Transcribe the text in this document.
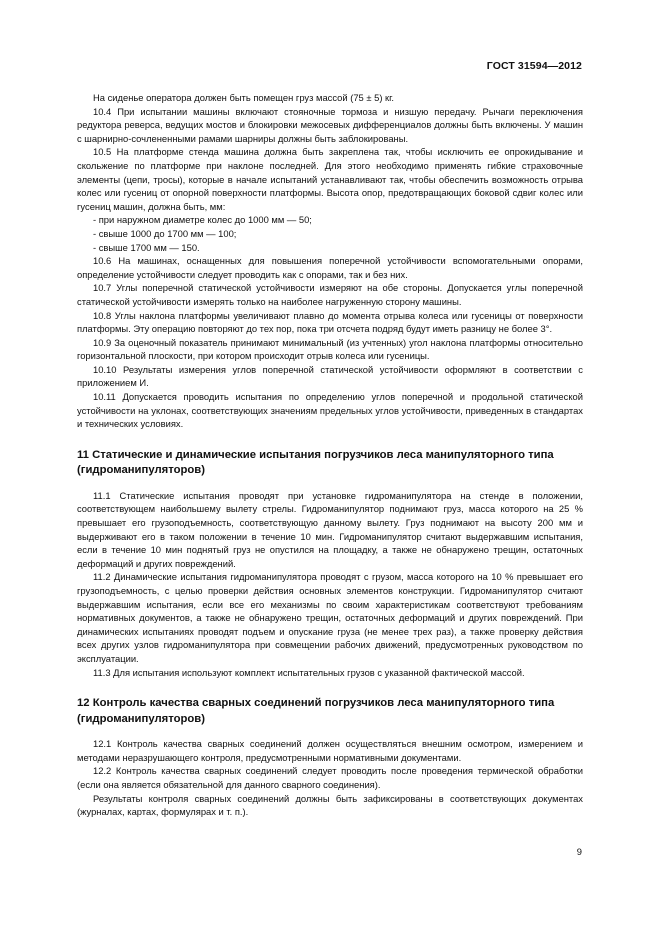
ГОСТ 31594—2012

На сиденье оператора должен быть помещен груз массой (75 ± 5) кг.

10.4 При испытании машины включают стояночные тормоза и низшую передачу. Рычаги переключения редуктора реверса, ведущих мостов и блокировки межосевых дифференциалов должны быть включены. У машин с шарнирно-сочлененными рамами шарниры должны быть заблокированы.

10.5 На платформе стенда машина должна быть закреплена так, чтобы исключить ее опрокидывание и скольжение по платформе при наклоне последней. Для этого необходимо применять гибкие страховочные элементы (цепи, тросы), которые в начале испытаний устанавливают так, чтобы обеспечить возможность отрыва колес или гусениц от опорной поверхности платформы. Высота опор, предотвращающих боковой сдвиг колес или гусениц машин, должна быть, мм:

- при наружном диаметре колес до 1000 мм — 50;

- свыше 1000 до 1700 мм — 100;

- свыше 1700 мм — 150.

10.6 На машинах, оснащенных для повышения поперечной устойчивости вспомогательными опорами, определение устойчивости следует проводить как с опорами, так и без них.

10.7 Углы поперечной статической устойчивости измеряют на обе стороны. Допускается углы поперечной статической устойчивости измерять только на наиболее нагруженную сторону машины.

10.8 Углы наклона платформы увеличивают плавно до момента отрыва колеса или гусеницы от поверхности платформы. Эту операцию повторяют до тех пор, пока три отсчета подряд будут иметь разницу не более 3°.

10.9 За оценочный показатель принимают минимальный (из учтенных) угол наклона платформы относительно горизонтальной плоскости, при котором происходит отрыв колеса или гусеницы.

10.10 Результаты измерения углов поперечной статической устойчивости оформляют в соответствии с приложением И.

10.11 Допускается проводить испытания по определению углов поперечной и продольной статической устойчивости на уклонах, соответствующих значениям предельных углов устойчивости, приведенных в стандартах и технических условиях.

11 Статические и динамические испытания погрузчиков леса манипуляторного типа (гидроманипуляторов)

11.1 Статические испытания проводят при установке гидроманипулятора на стенде в положении, соответствующем наибольшему вылету стрелы. Гидроманипулятор поднимают груз, масса которого на 25 % превышает его грузоподъемность, соответствующую данному вылету. Груз поднимают на высоту 200 мм и выдерживают его в таком положении в течение 10 мин. Гидроманипулятор считают выдержавшим испытания, если в течение 10 мин поднятый груз не опустился на площадку, а также не обнаружено трещин, остаточных деформаций и других повреждений.

11.2 Динамические испытания гидроманипулятора проводят с грузом, масса которого на 10 % превышает его грузоподъемность, с целью проверки действия основных элементов конструкции. Гидроманипулятор считают выдержавшим испытания, если все его механизмы по своим характеристикам соответствуют требованиям нормативных документов, а также не обнаружено трещин, остаточных деформаций и других повреждений. При динамических испытаниях проводят подъем и опускание груза (не менее трех раз), а также проверку действия всех других узлов гидроманипулятора при совмещении рабочих движений, предусмотренных руководством по эксплуатации.

11.3 Для испытания используют комплект испытательных грузов с указанной фактической массой.

12 Контроль качества сварных соединений погрузчиков леса манипуляторного типа (гидроманипуляторов)

12.1 Контроль качества сварных соединений должен осуществляться внешним осмотром, измерением и методами неразрушающего контроля, предусмотренными нормативными документами.

12.2 Контроль качества сварных соединений следует проводить после проведения термической обработки (если она является обязательной для данного сварного соединения).

Результаты контроля сварных соединений должны быть зафиксированы в соответствующих документах (журналах, картах, формулярах и т. п.).

9
